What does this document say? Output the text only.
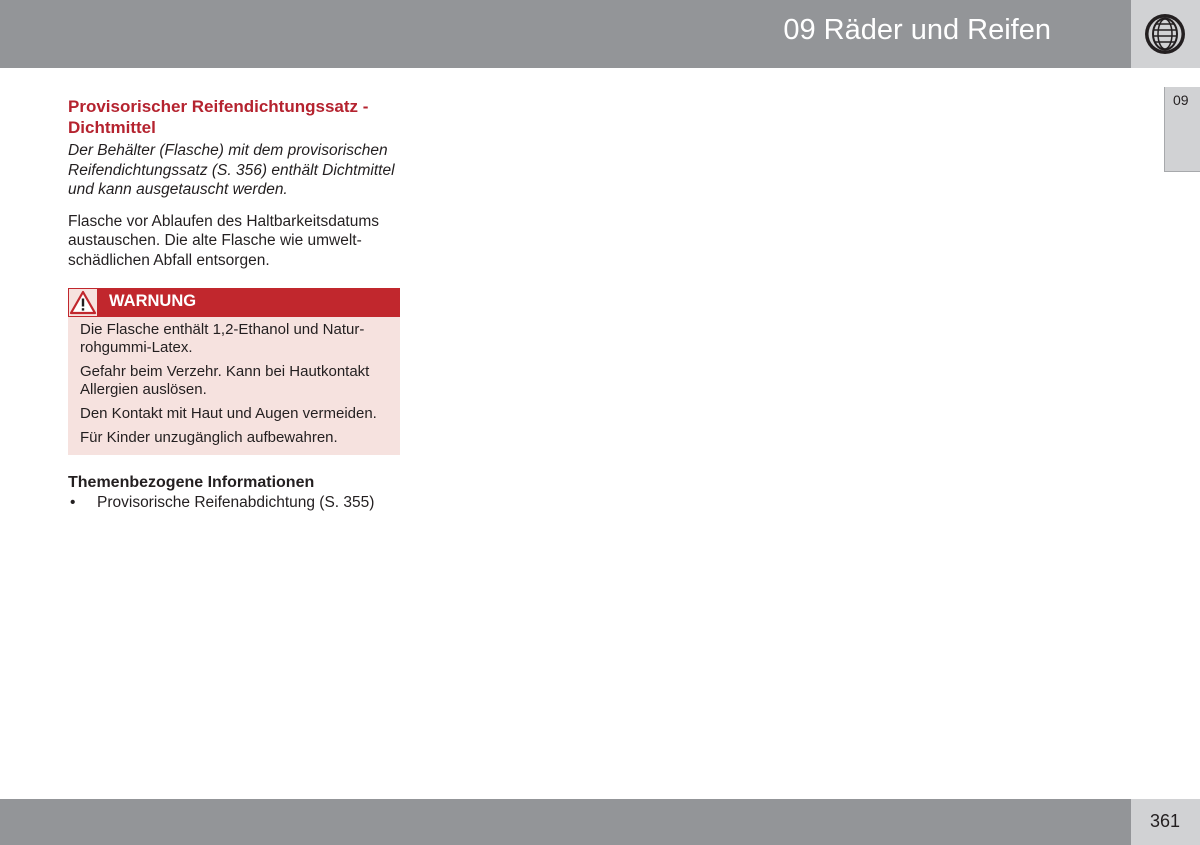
09 Räder und Reifen
09
Provisorischer Reifendichtungssatz - Dichtmittel

Der Behälter (Flasche) mit dem provisorischen Reifendichtungssatz (S. 356) enthält Dichtmittel und kann ausgetauscht werden.

Flasche vor Ablaufen des Haltbarkeitsdatums austauschen. Die alte Flasche wie umweltschädlichen Abfall entsorgen.

WARNUNG

Die Flasche enthält 1,2-Ethanol und Naturrohgummi-Latex.

Gefahr beim Verzehr. Kann bei Hautkontakt Allergien auslösen.

Den Kontakt mit Haut und Augen vermeiden.

Für Kinder unzugänglich aufbewahren.

Themenbezogene Informationen
• Provisorische Reifenabdichtung (S. 355)
361
